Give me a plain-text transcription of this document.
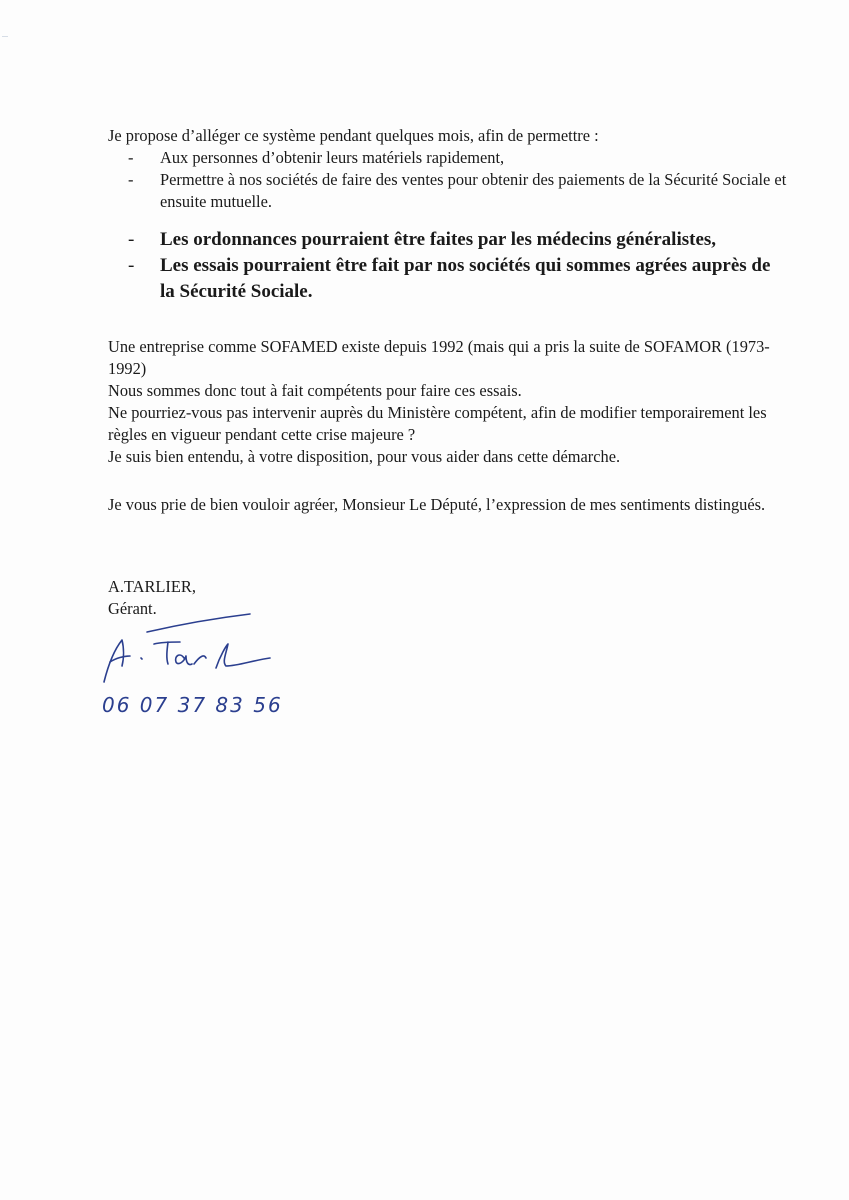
Je propose d’alléger ce système pendant quelques mois, afin de permettre :

- Aux personnes d’obtenir leurs matériels rapidement,
- Permettre à nos sociétés de faire des ventes pour obtenir des paiements de la Sécurité Sociale et ensuite mutuelle.
- Les ordonnances pourraient être faites par les médecins généralistes,
- Les essais pourraient être fait par nos sociétés qui sommes agrées auprès de la Sécurité Sociale.

Une entreprise comme SOFAMED existe depuis 1992 (mais qui a pris la suite de SOFAMOR (1973-1992)

Nous sommes donc tout à fait compétents pour faire ces essais.

Ne pourriez-vous pas intervenir auprès du Ministère compétent, afin de modifier temporairement les règles en vigueur pendant cette crise majeure ?

Je suis bien entendu, à votre disposition, pour vous aider dans cette démarche.

Je vous prie de bien vouloir agréer, Monsieur Le Député, l’expression de mes sentiments distingués.

A.TARLIER,

Gérant.

06 07 37 83 56
